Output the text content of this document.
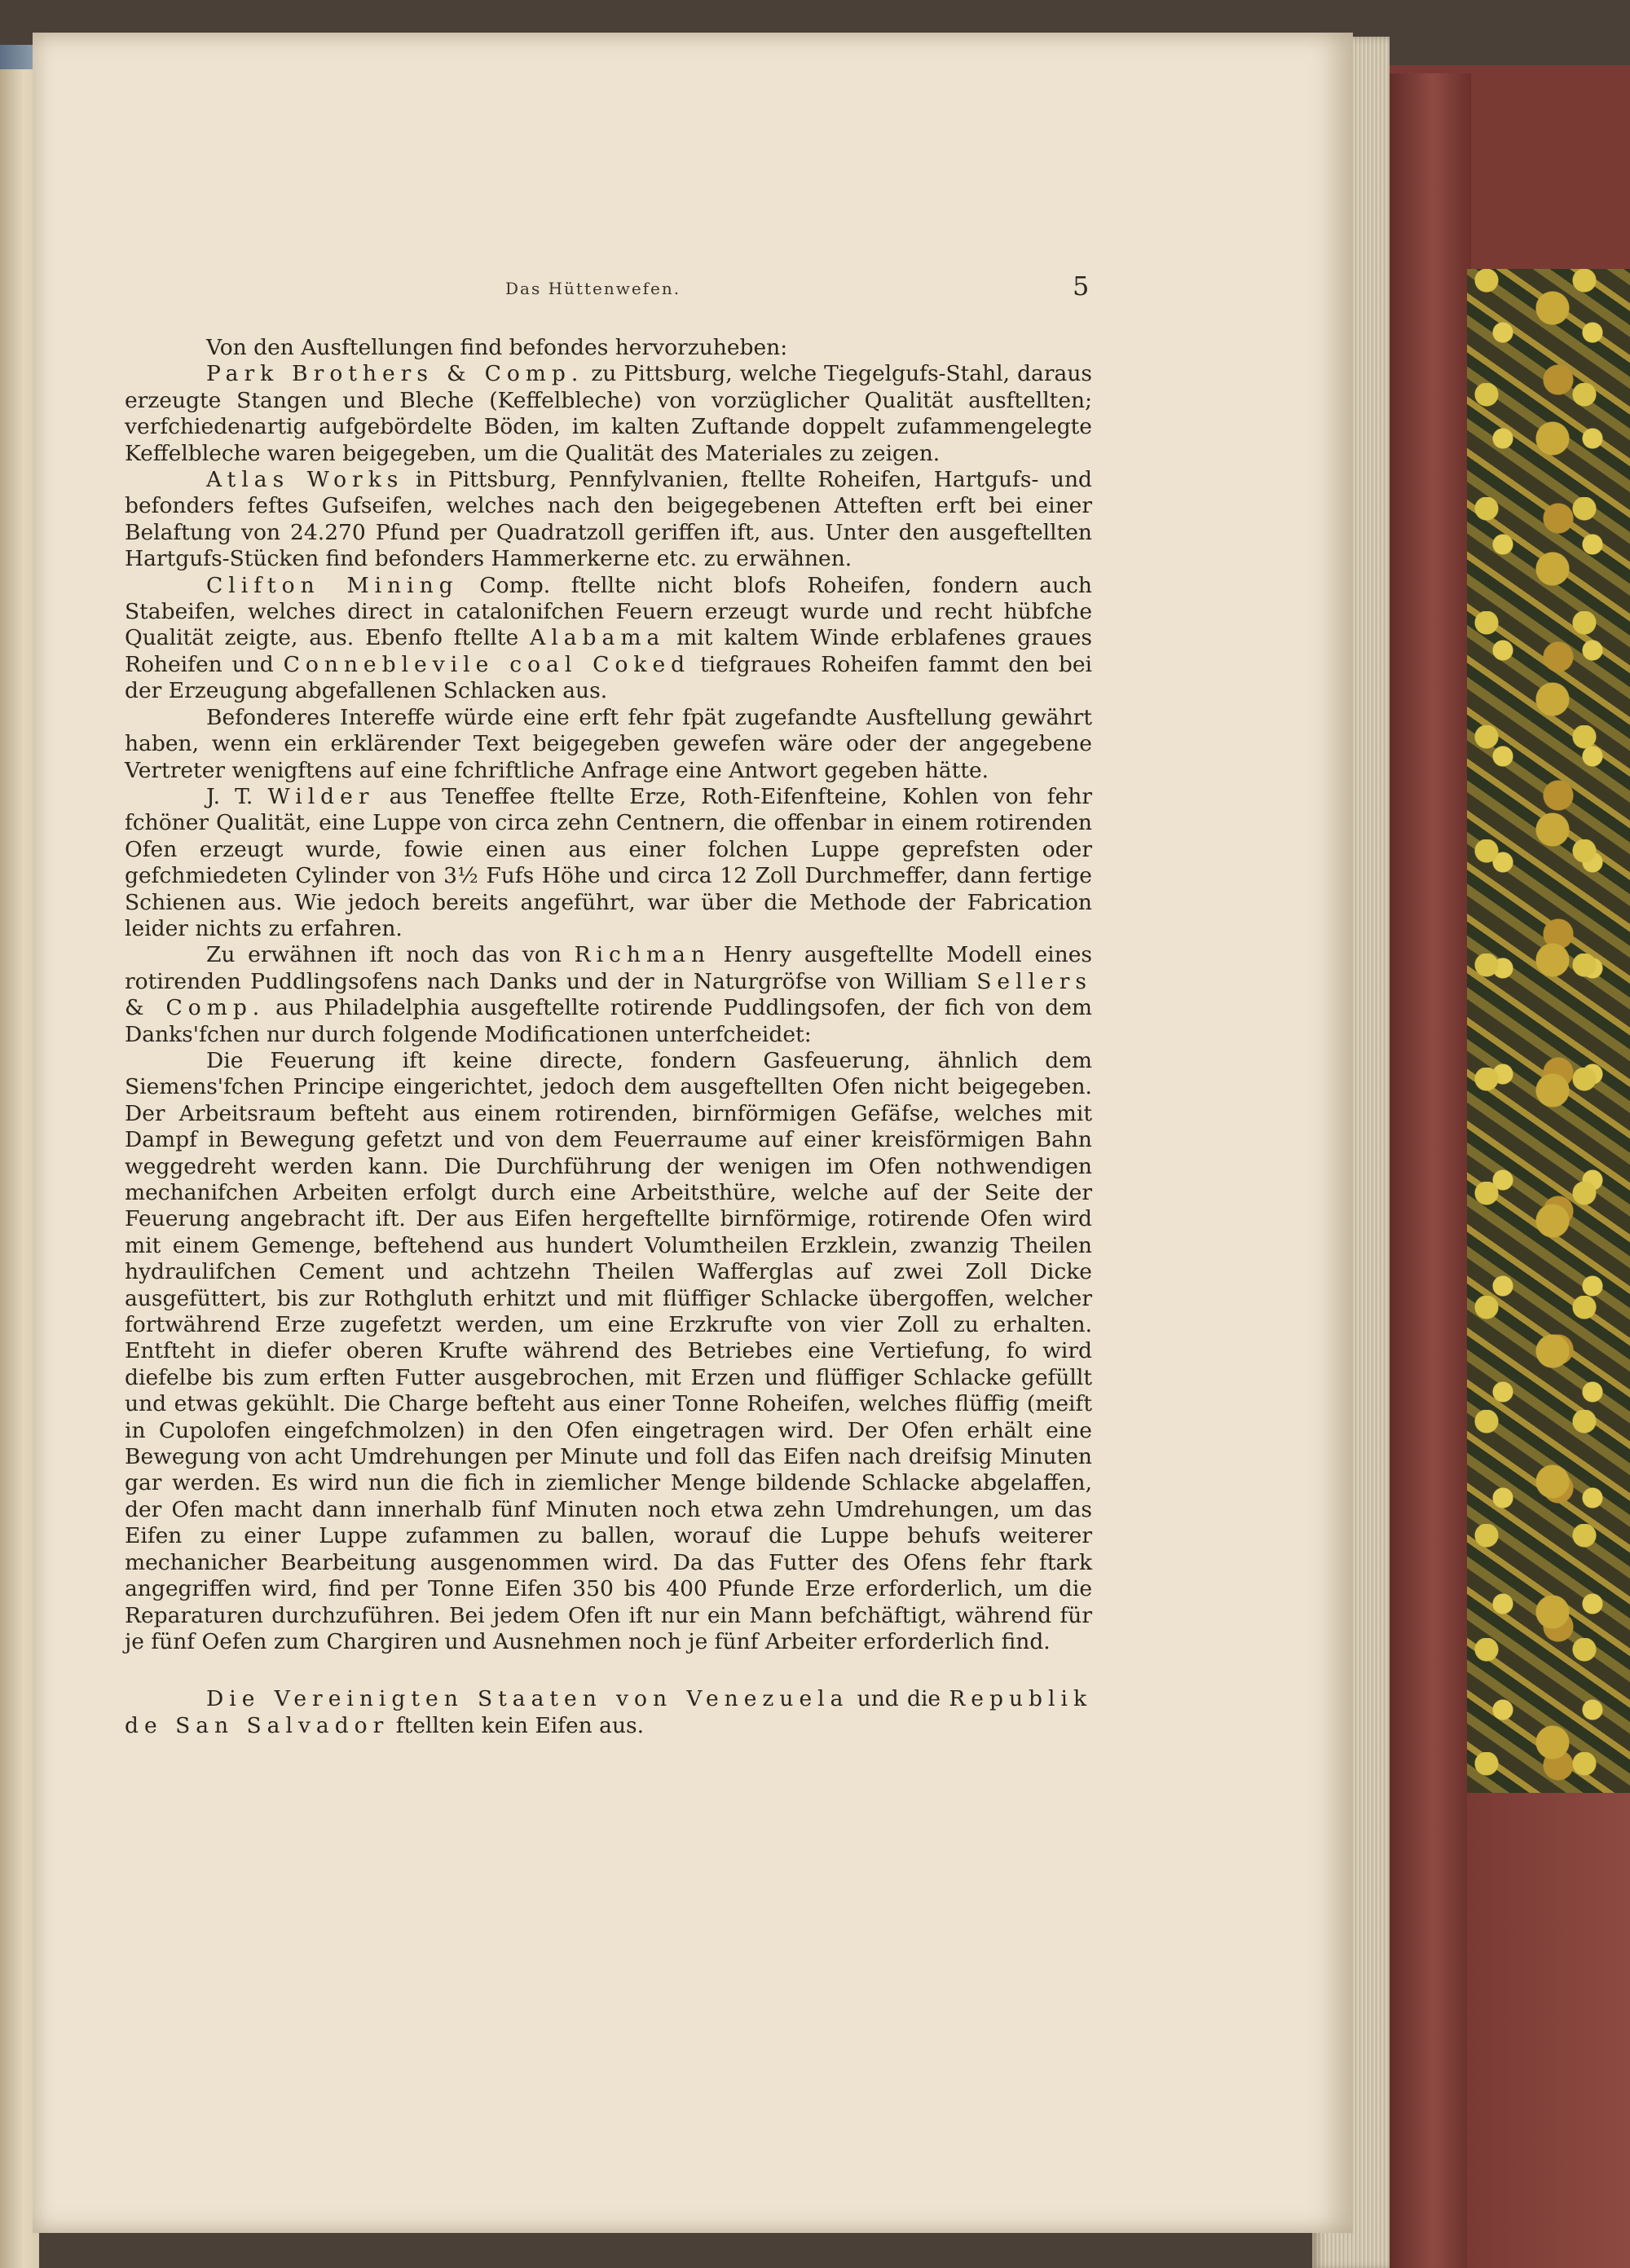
Das Hüttenwefen.	5

Von den Ausftellungen find befondes hervorzuheben:

Park Brothers & Comp. zu Pittsburg, welche Tiegelgufs-Stahl, daraus erzeugte Stangen und Bleche (Keffelbleche) von vorzüglicher Qualität ausftellten; verfchiedenartig aufgebördelte Böden, im kalten Zuftande doppelt zufammengelegte Keffelbleche waren beigegeben, um die Qualität des Materiales zu zeigen.

Atlas Works in Pittsburg, Pennfylvanien, ftellte Roheifen, Hartgufs- und befonders feftes Gufseifen, welches nach den beigegebenen Atteften erft bei einer Belaftung von 24.270 Pfund per Quadratzoll geriffen ift, aus. Unter den ausgeftellten Hartgufs-Stücken find befonders Hammerkerne etc. zu erwähnen.

Clifton Mining Comp. ftellte nicht blofs Roheifen, fondern auch Stabeifen, welches direct in catalonifchen Feuern erzeugt wurde und recht hübfche Qualität zeigte, aus. Ebenfo ftellte Alabama mit kaltem Winde erblafenes graues Roheifen und Conneblevile coal Coked tiefgraues Roheifen fammt den bei der Erzeugung abgefallenen Schlacken aus.

Befonderes Intereffe würde eine erft fehr fpät zugefandte Ausftellung gewährt haben, wenn ein erklärender Text beigegeben gewefen wäre oder der angegebene Vertreter wenigftens auf eine fchriftliche Anfrage eine Antwort gegeben hätte.

J. T. Wilder aus Teneffee ftellte Erze, Roth-Eifenfteine, Kohlen von fehr fchöner Qualität, eine Luppe von circa zehn Centnern, die offenbar in einem rotirenden Ofen erzeugt wurde, fowie einen aus einer folchen Luppe geprefsten oder gefchmiedeten Cylinder von 3½ Fufs Höhe und circa 12 Zoll Durchmeffer, dann fertige Schienen aus. Wie jedoch bereits angeführt, war über die Methode der Fabrication leider nichts zu erfahren.

Zu erwähnen ift noch das von Richman Henry ausgeftellte Modell eines rotirenden Puddlingsofens nach Danks und der in Naturgröfse von William Sellers & Comp. aus Philadelphia ausgeftellte rotirende Puddlingsofen, der fich von dem Danks'fchen nur durch folgende Modificationen unterfcheidet:

Die Feuerung ift keine directe, fondern Gasfeuerung, ähnlich dem Siemens'fchen Principe eingerichtet, jedoch dem ausgeftellten Ofen nicht beigegeben. Der Arbeitsraum befteht aus einem rotirenden, birnförmigen Gefäfse, welches mit Dampf in Bewegung gefetzt und von dem Feuerraume auf einer kreisförmigen Bahn weggedreht werden kann. Die Durchführung der wenigen im Ofen nothwendigen mechanifchen Arbeiten erfolgt durch eine Arbeitsthüre, welche auf der Seite der Feuerung angebracht ift. Der aus Eifen hergeftellte birnförmige, rotirende Ofen wird mit einem Gemenge, beftehend aus hundert Volumtheilen Erzklein, zwanzig Theilen hydraulifchen Cement und achtzehn Theilen Wafferglas auf zwei Zoll Dicke ausgefüttert, bis zur Rothgluth erhitzt und mit flüffiger Schlacke übergoffen, welcher fortwährend Erze zugefetzt werden, um eine Erzkrufte von vier Zoll zu erhalten. Entfteht in diefer oberen Krufte während des Betriebes eine Vertiefung, fo wird diefelbe bis zum erften Futter ausgebrochen, mit Erzen und flüffiger Schlacke gefüllt und etwas gekühlt. Die Charge befteht aus einer Tonne Roheifen, welches flüffig (meift in Cupolofen eingefchmolzen) in den Ofen eingetragen wird. Der Ofen erhält eine Bewegung von acht Umdrehungen per Minute und foll das Eifen nach dreifsig Minuten gar werden. Es wird nun die fich in ziemlicher Menge bildende Schlacke abgelaffen, der Ofen macht dann innerhalb fünf Minuten noch etwa zehn Umdrehungen, um das Eifen zu einer Luppe zufammen zu ballen, worauf die Luppe behufs weiterer mechanicher Bearbeitung ausgenommen wird. Da das Futter des Ofens fehr ftark angegriffen wird, find per Tonne Eifen 350 bis 400 Pfunde Erze erforderlich, um die Reparaturen durchzuführen. Bei jedem Ofen ift nur ein Mann befchäftigt, während für je fünf Oefen zum Chargiren und Ausnehmen noch je fünf Arbeiter erforderlich find.

Die Vereinigten Staaten von Venezuela und die Republik de San Salvador ftellten kein Eifen aus.
